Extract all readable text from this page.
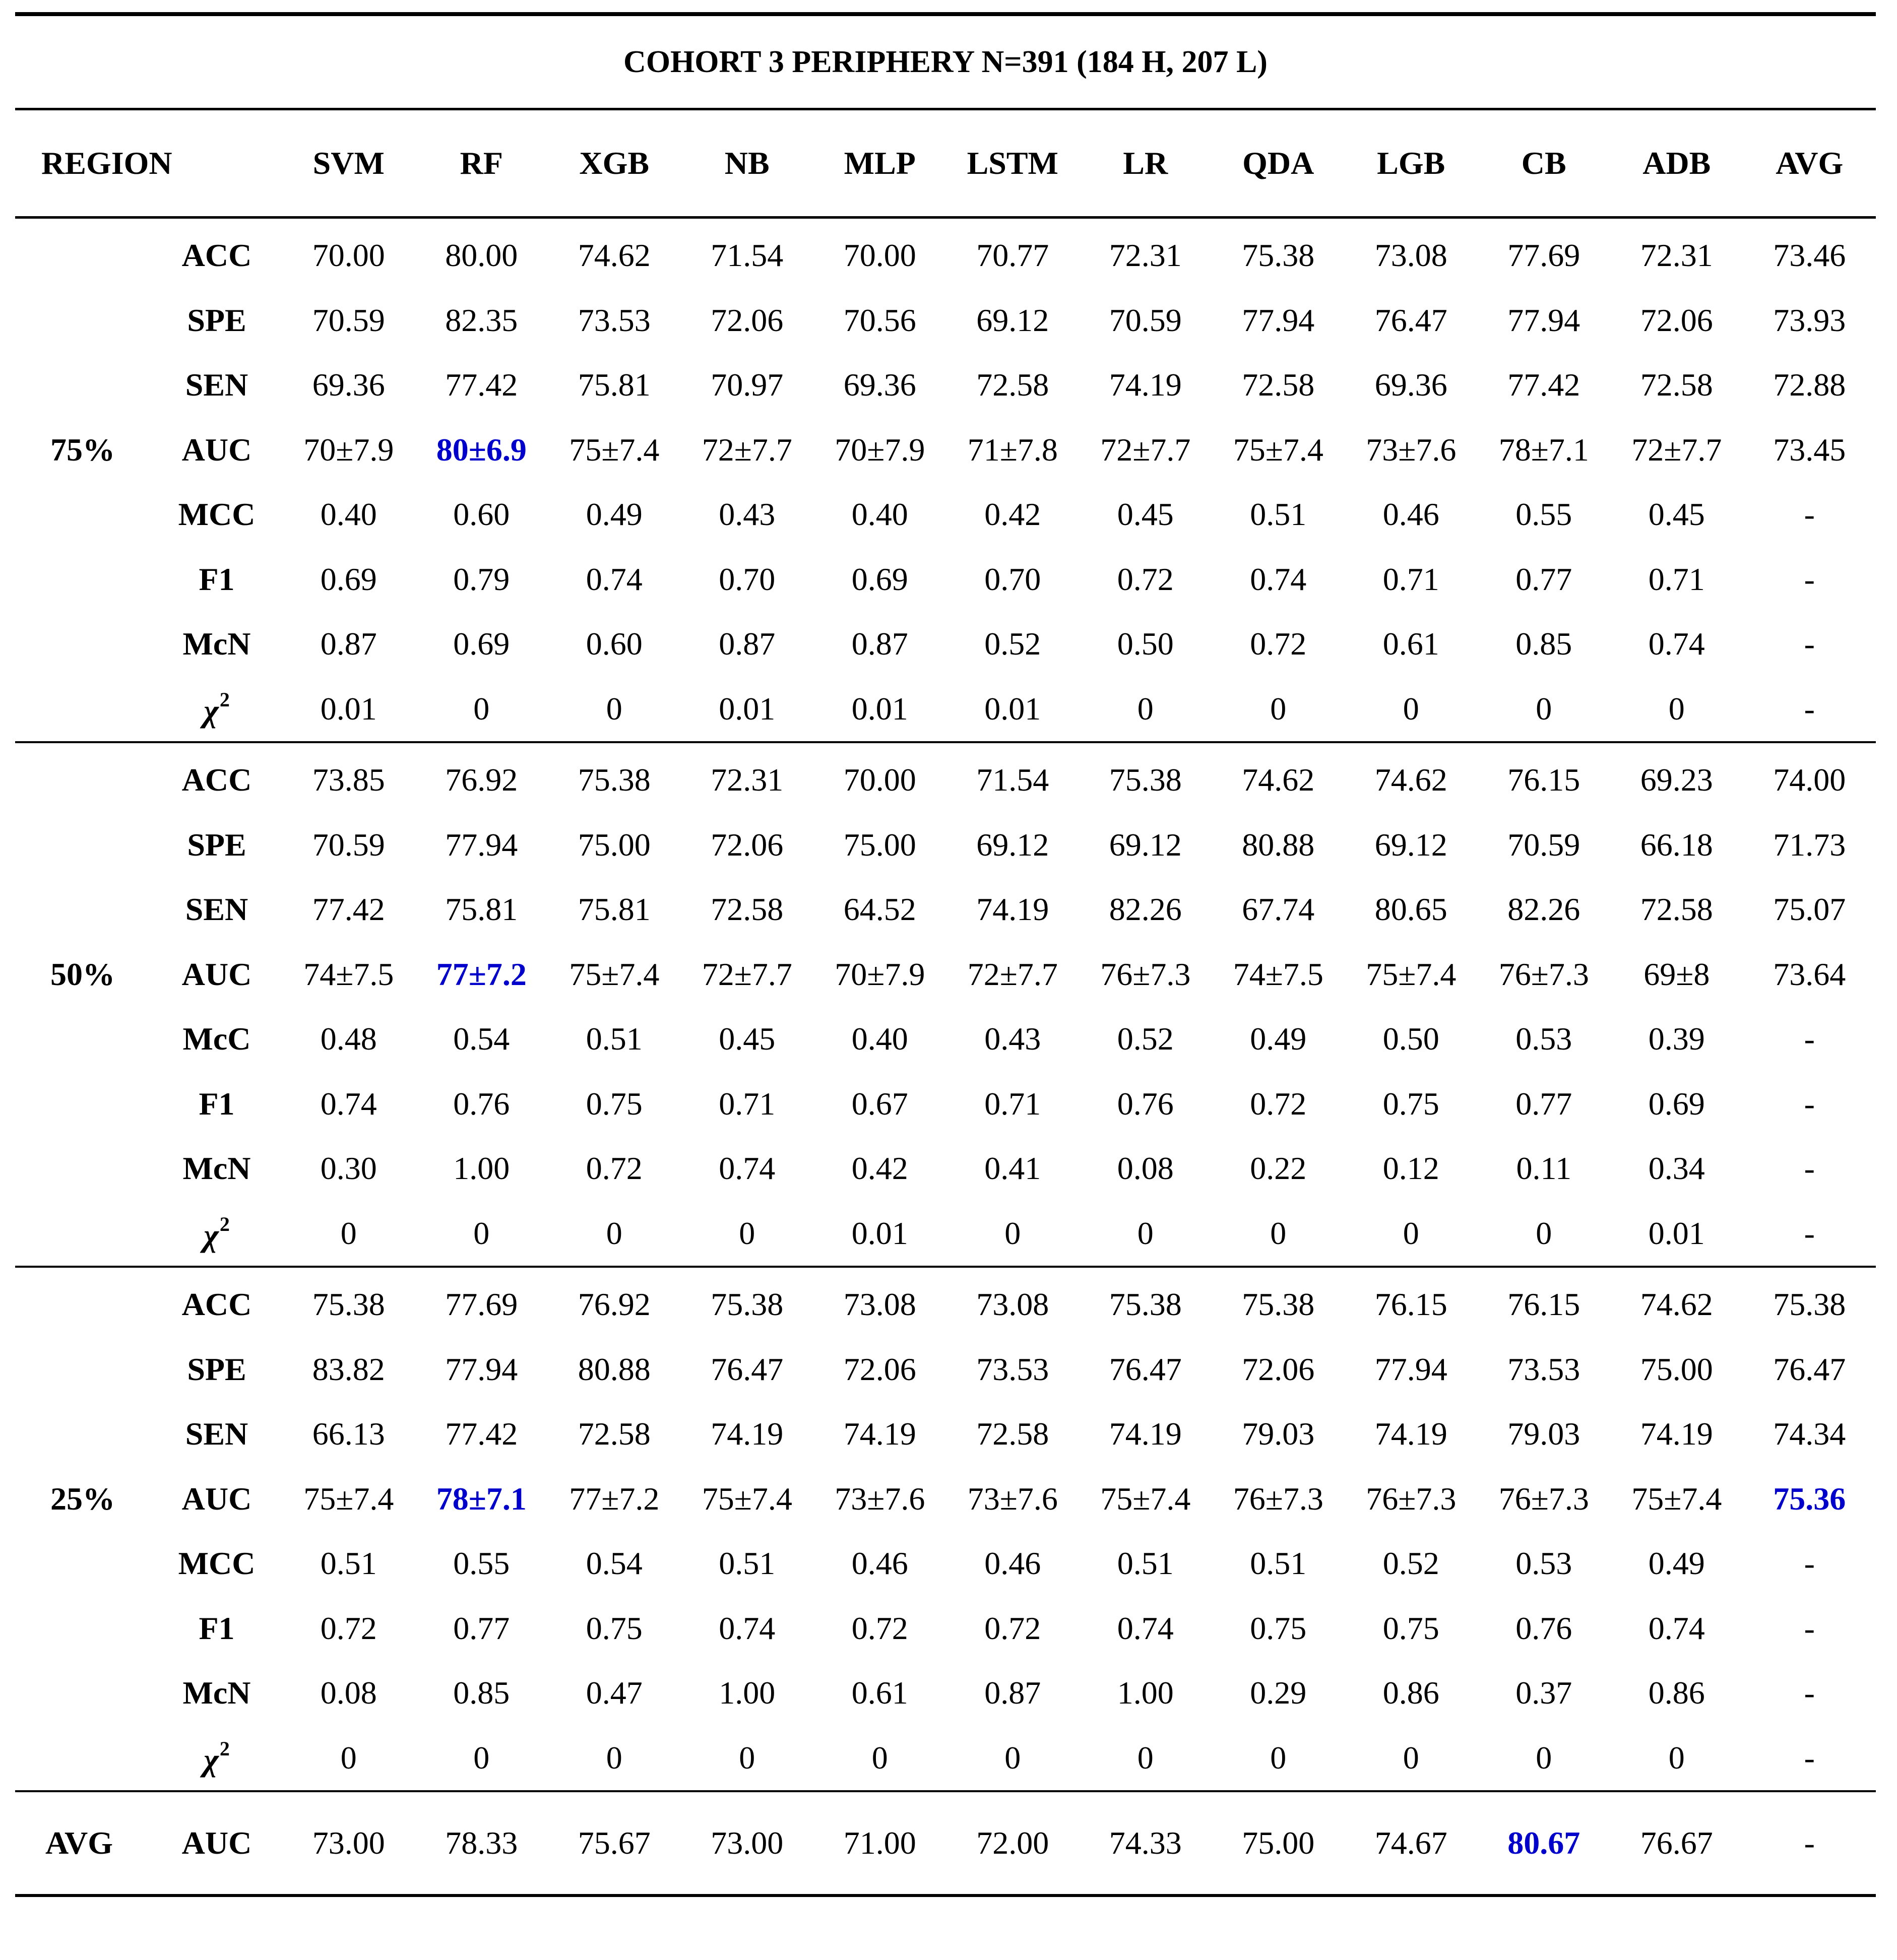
COHORT 3 PERIPHERY N=391 (184 H, 207 L)													
REGION		SVM	RF	XGB	NB	MLP	LSTM	LR	QDA	LGB	CB	ADB	AVG
	ACC	70.00	80.00	74.62	71.54	70.00	70.77	72.31	75.38	73.08	77.69	72.31	73.46
	SPE	70.59	82.35	73.53	72.06	70.56	69.12	70.59	77.94	76.47	77.94	72.06	73.93
	SEN	69.36	77.42	75.81	70.97	69.36	72.58	74.19	72.58	69.36	77.42	72.58	72.88
75%	AUC	70±7.9	80±6.9	75±7.4	72±7.7	70±7.9	71±7.8	72±7.7	75±7.4	73±7.6	78±7.1	72±7.7	73.45
	MCC	0.40	0.60	0.49	0.43	0.40	0.42	0.45	0.51	0.46	0.55	0.45	-
	F1	0.69	0.79	0.74	0.70	0.69	0.70	0.72	0.74	0.71	0.77	0.71	-
	McN	0.87	0.69	0.60	0.87	0.87	0.52	0.50	0.72	0.61	0.85	0.74	-
	$\chi^2$	0.01	0	0	0.01	0.01	0.01	0	0	0	0	0	-
	ACC	73.85	76.92	75.38	72.31	70.00	71.54	75.38	74.62	74.62	76.15	69.23	74.00
	SPE	70.59	77.94	75.00	72.06	75.00	69.12	69.12	80.88	69.12	70.59	66.18	71.73
	SEN	77.42	75.81	75.81	72.58	64.52	74.19	82.26	67.74	80.65	82.26	72.58	75.07
50%	AUC	74±7.5	77±7.2	75±7.4	72±7.7	70±7.9	72±7.7	76±7.3	74±7.5	75±7.4	76±7.3	69±8	73.64
	McC	0.48	0.54	0.51	0.45	0.40	0.43	0.52	0.49	0.50	0.53	0.39	-
	F1	0.74	0.76	0.75	0.71	0.67	0.71	0.76	0.72	0.75	0.77	0.69	-
	McN	0.30	1.00	0.72	0.74	0.42	0.41	0.08	0.22	0.12	0.11	0.34	-
	$\chi^2$	0	0	0	0	0.01	0	0	0	0	0	0.01	-
	ACC	75.38	77.69	76.92	75.38	73.08	73.08	75.38	75.38	76.15	76.15	74.62	75.38
	SPE	83.82	77.94	80.88	76.47	72.06	73.53	76.47	72.06	77.94	73.53	75.00	76.47
	SEN	66.13	77.42	72.58	74.19	74.19	72.58	74.19	79.03	74.19	79.03	74.19	74.34
25%	AUC	75±7.4	78±7.1	77±7.2	75±7.4	73±7.6	73±7.6	75±7.4	76±7.3	76±7.3	76±7.3	75±7.4	75.36
	MCC	0.51	0.55	0.54	0.51	0.46	0.46	0.51	0.51	0.52	0.53	0.49	-
	F1	0.72	0.77	0.75	0.74	0.72	0.72	0.74	0.75	0.75	0.76	0.74	-
	McN	0.08	0.85	0.47	1.00	0.61	0.87	1.00	0.29	0.86	0.37	0.86	-
	$\chi^2$	0	0	0	0	0	0	0	0	0	0	0	-
AVG	AUC	73.00	78.33	75.67	73.00	71.00	72.00	74.33	75.00	74.67	80.67	76.67	-
